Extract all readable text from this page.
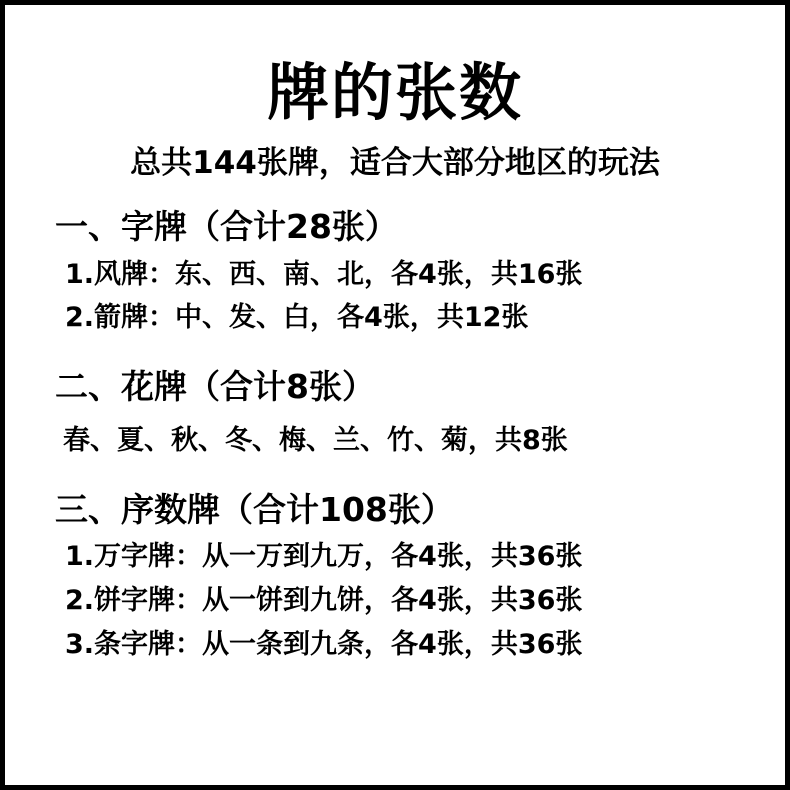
牌的张数
总共144张牌，适合大部分地区的玩法
一、字牌（合计28张）
1.风牌：东、西、南、北，各4张，共16张
2.箭牌：中、发、白，各4张，共12张
二、花牌（合计8张）
春、夏、秋、冬、梅、兰、竹、菊，共8张
三、序数牌（合计108张）
1.万字牌：从一万到九万，各4张，共36张
2.饼字牌：从一饼到九饼，各4张，共36张
3.条字牌：从一条到九条，各4张，共36张
